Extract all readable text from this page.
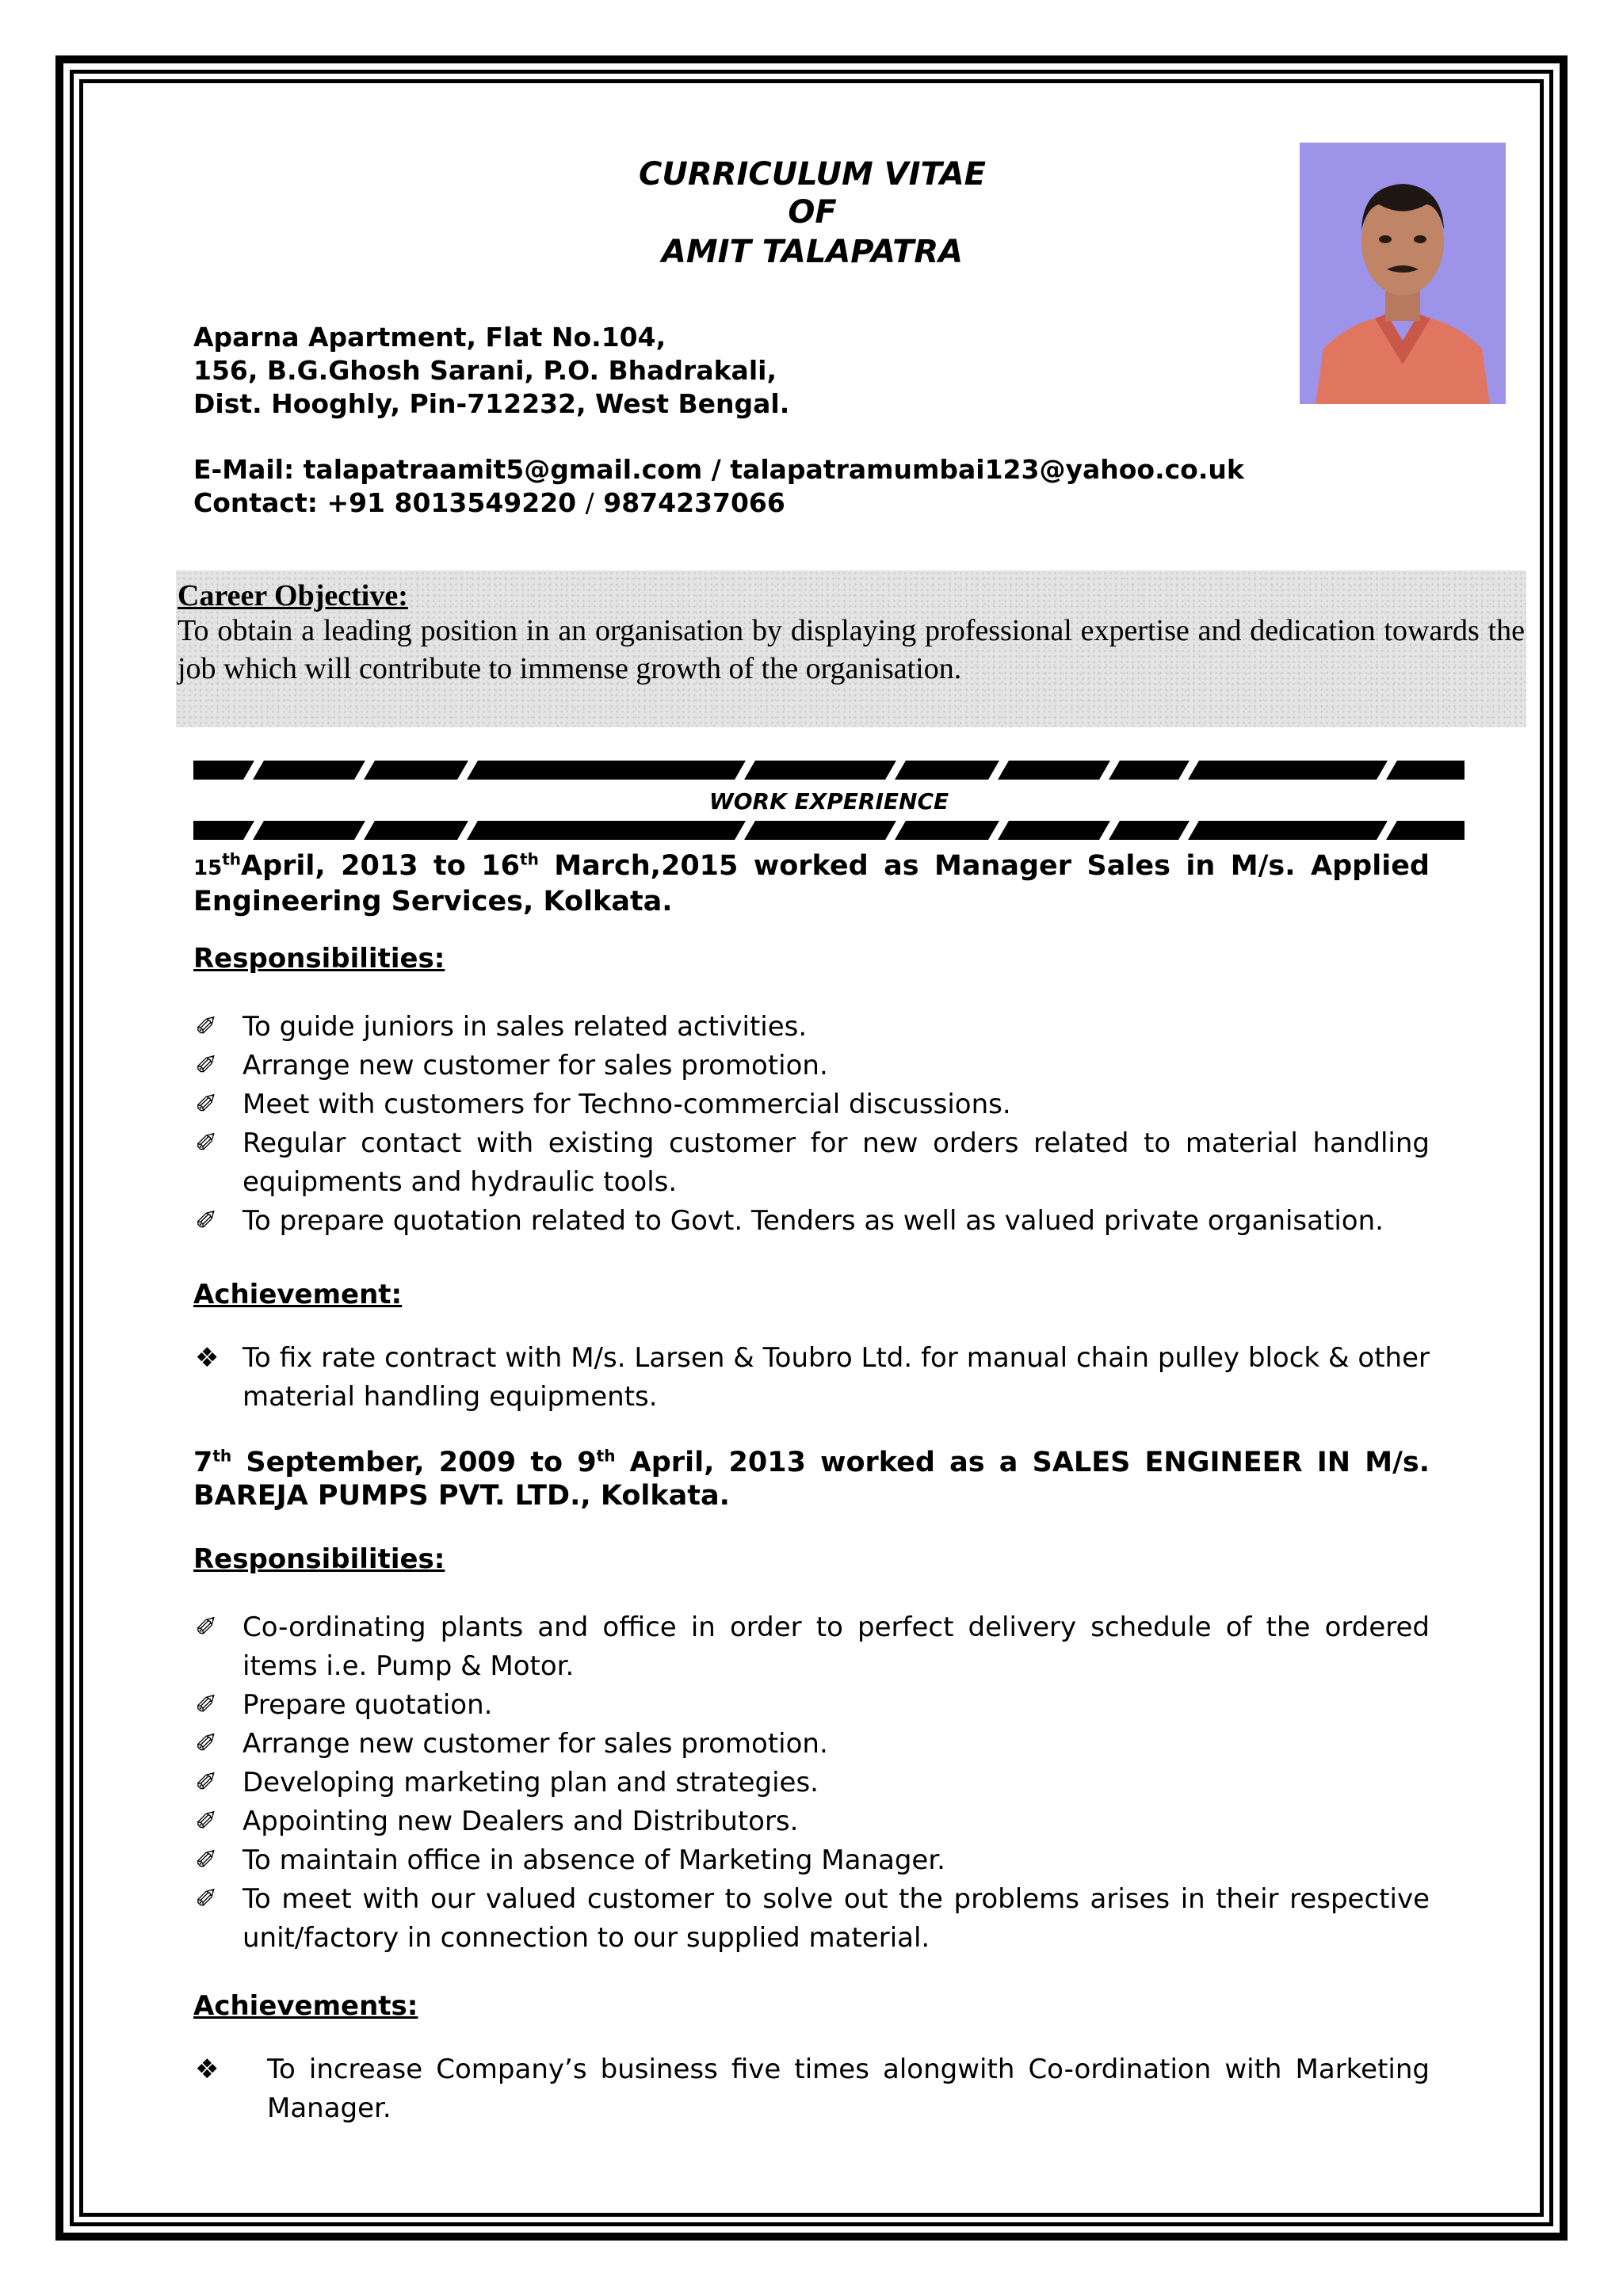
CURRICULUM VITAE
OF
AMIT TALAPATRA
Aparna Apartment, Flat No.104,
156, B.G.Ghosh Sarani, P.O. Bhadrakali,
Dist. Hooghly, Pin-712232, West Bengal.
E-Mail: talapatraamit5@gmail.com / talapatramumbai123@yahoo.co.uk
Contact: +91 8013549220 / 9874237066
Career Objective:
To obtain a leading position in an organisation by displaying professional expertise and dedication towards the job which will contribute to immense growth of the organisation.
WORK EXPERIENCE
15thApril, 2013 to 16th March,2015 worked as Manager Sales in M/s. Applied Engineering Services, Kolkata.
Responsibilities:
✐ To guide juniors in sales related activities.
✐ Arrange new customer for sales promotion.
✐ Meet with customers for Techno-commercial discussions.
✐ Regular contact with existing customer for new orders related to material handling equipments and hydraulic tools.
✐ To prepare quotation related to Govt. Tenders as well as valued private organisation.
Achievement:
❖ To fix rate contract with M/s. Larsen & Toubro Ltd. for manual chain pulley block & other material handling equipments.
7th September, 2009 to 9th April, 2013 worked as a SALES ENGINEER IN M/s. BAREJA PUMPS PVT. LTD., Kolkata.
Responsibilities:
✐ Co-ordinating plants and office in order to perfect delivery schedule of the ordered items i.e. Pump & Motor.
✐ Prepare quotation.
✐ Arrange new customer for sales promotion.
✐ Developing marketing plan and strategies.
✐ Appointing new Dealers and Distributors.
✐ To maintain office in absence of Marketing Manager.
✐ To meet with our valued customer to solve out the problems arises in their respective unit/factory in connection to our supplied material.
Achievements:
❖ To increase Company’s business five times alongwith Co-ordination with Marketing Manager.
